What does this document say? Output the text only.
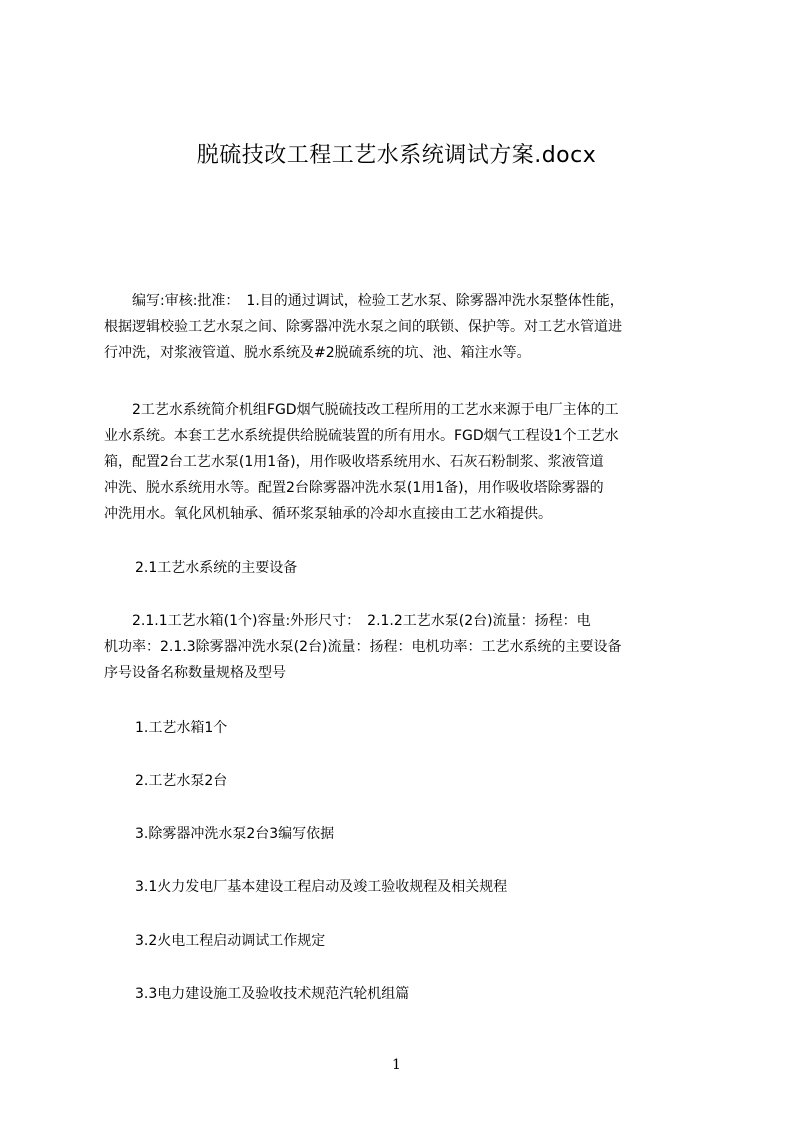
脱硫技改工程工艺水系统调试方案.docx
　　编写:审核:批准：　1.目的通过调试，检验工艺水泵、除雾器冲洗水泵整体性能，
根据逻辑校验工艺水泵之间、除雾器冲洗水泵之间的联锁、保护等。对工艺水管道进
行冲洗，对浆液管道、脱水系统及#2脱硫系统的坑、池、箱注水等。
　　2工艺水系统简介机组FGD烟气脱硫技改工程所用的工艺水来源于电厂主体的工
业水系统。本套工艺水系统提供给脱硫装置的所有用水。FGD烟气工程设1个工艺水
箱，配置2台工艺水泵(1用1备)，用作吸收塔系统用水、石灰石粉制浆、浆液管道
冲洗、脱水系统用水等。配置2台除雾器冲洗水泵(1用1备)，用作吸收塔除雾器的
冲洗用水。氧化风机轴承、循环浆泵轴承的冷却水直接由工艺水箱提供。
2.1工艺水系统的主要设备
　　2.1.1工艺水箱(1个)容量:外形尺寸：　2.1.2工艺水泵(2台)流量：扬程：电
机功率：2.1.3除雾器冲洗水泵(2台)流量：扬程：电机功率：工艺水系统的主要设备
序号设备名称数量规格及型号
1.工艺水箱1个
2.工艺水泵2台
3.除雾器冲洗水泵2台3编写依据
3.1火力发电厂基本建设工程启动及竣工验收规程及相关规程
3.2火电工程启动调试工作规定
3.3电力建设施工及验收技术规范汽轮机组篇
1
